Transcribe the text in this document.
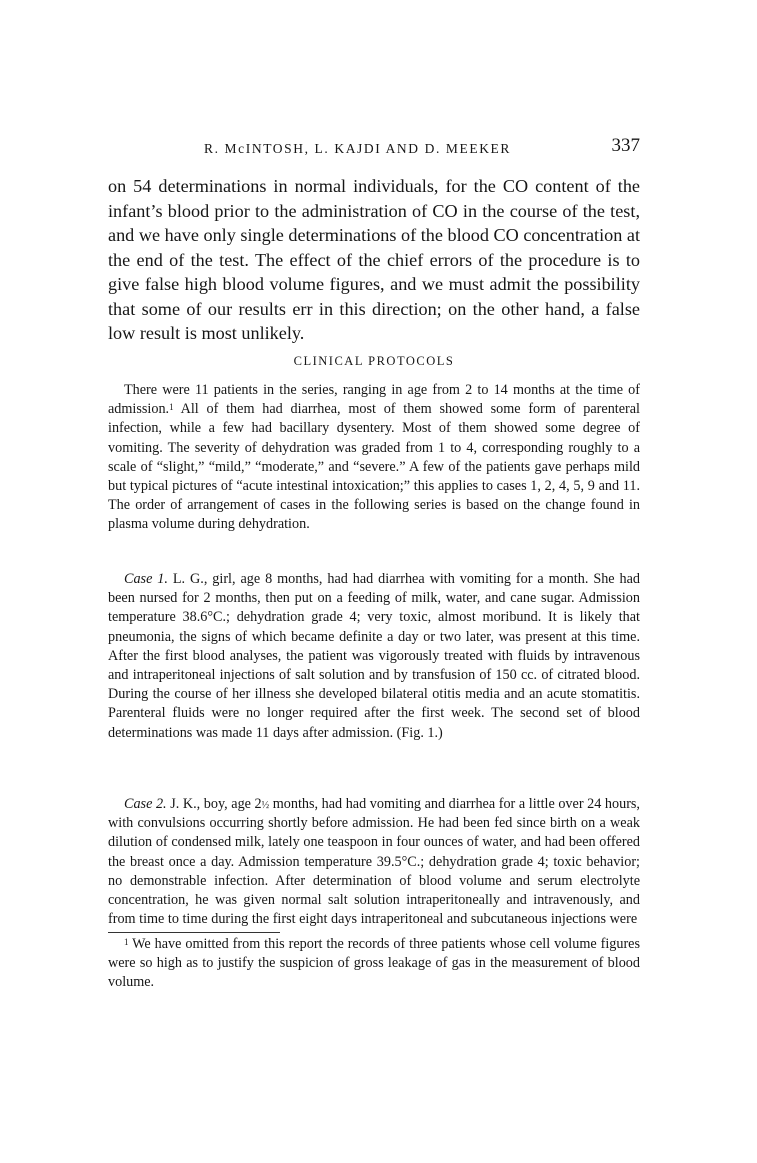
R. McINTOSH, L. KAJDI AND D. MEEKER	337

on 54 determinations in normal individuals, for the CO content of the infant’s blood prior to the administration of CO in the course of the test, and we have only single determinations of the blood CO concentration at the end of the test. The effect of the chief errors of the procedure is to give false high blood volume figures, and we must admit the possibility that some of our results err in this direction; on the other hand, a false low result is most unlikely.

CLINICAL PROTOCOLS

There were 11 patients in the series, ranging in age from 2 to 14 months at the time of admission.$^1$ All of them had diarrhea, most of them showed some form of parenteral infection, while a few had bacillary dysentery. Most of them showed some degree of vomiting. The severity of dehydration was graded from 1 to 4, corresponding roughly to a scale of “slight,” “mild,” “moderate,” and “severe.” A few of the patients gave perhaps mild but typical pictures of “acute intestinal intoxication;” this applies to cases 1, 2, 4, 5, 9 and 11. The order of arrangement of cases in the following series is based on the change found in plasma volume during dehydration.

Case 1. L. G., girl, age 8 months, had had diarrhea with vomiting for a month. She had been nursed for 2 months, then put on a feeding of milk, water, and cane sugar. Admission temperature 38.6°C.; dehydration grade 4; very toxic, almost moribund. It is likely that pneumonia, the signs of which became definite a day or two later, was present at this time. After the first blood analyses, the patient was vigorously treated with fluids by intravenous and intraperitoneal injections of salt solution and by transfusion of 150 cc. of citrated blood. During the course of her illness she developed bilateral otitis media and an acute stomatitis. Parenteral fluids were no longer required after the first week. The second set of blood determinations was made 11 days after admission. (Fig. 1.)

Case 2. J. K., boy, age $2^{\frac{1}{2}}$ months, had had vomiting and diarrhea for a little over 24 hours, with convulsions occurring shortly before admission. He had been fed since birth on a weak dilution of condensed milk, lately one teaspoon in four ounces of water, and had been offered the breast once a day. Admission temperature 39.5°C.; dehydration grade 4; toxic behavior; no demonstrable infection. After determination of blood volume and serum electrolyte concentration, he was given normal salt solution intraperitoneally and intravenously, and from time to time during the first eight days intraperitoneal and subcutaneous injections were

$^1$ We have omitted from this report the records of three patients whose cell volume figures were so high as to justify the suspicion of gross leakage of gas in the measurement of blood volume.
